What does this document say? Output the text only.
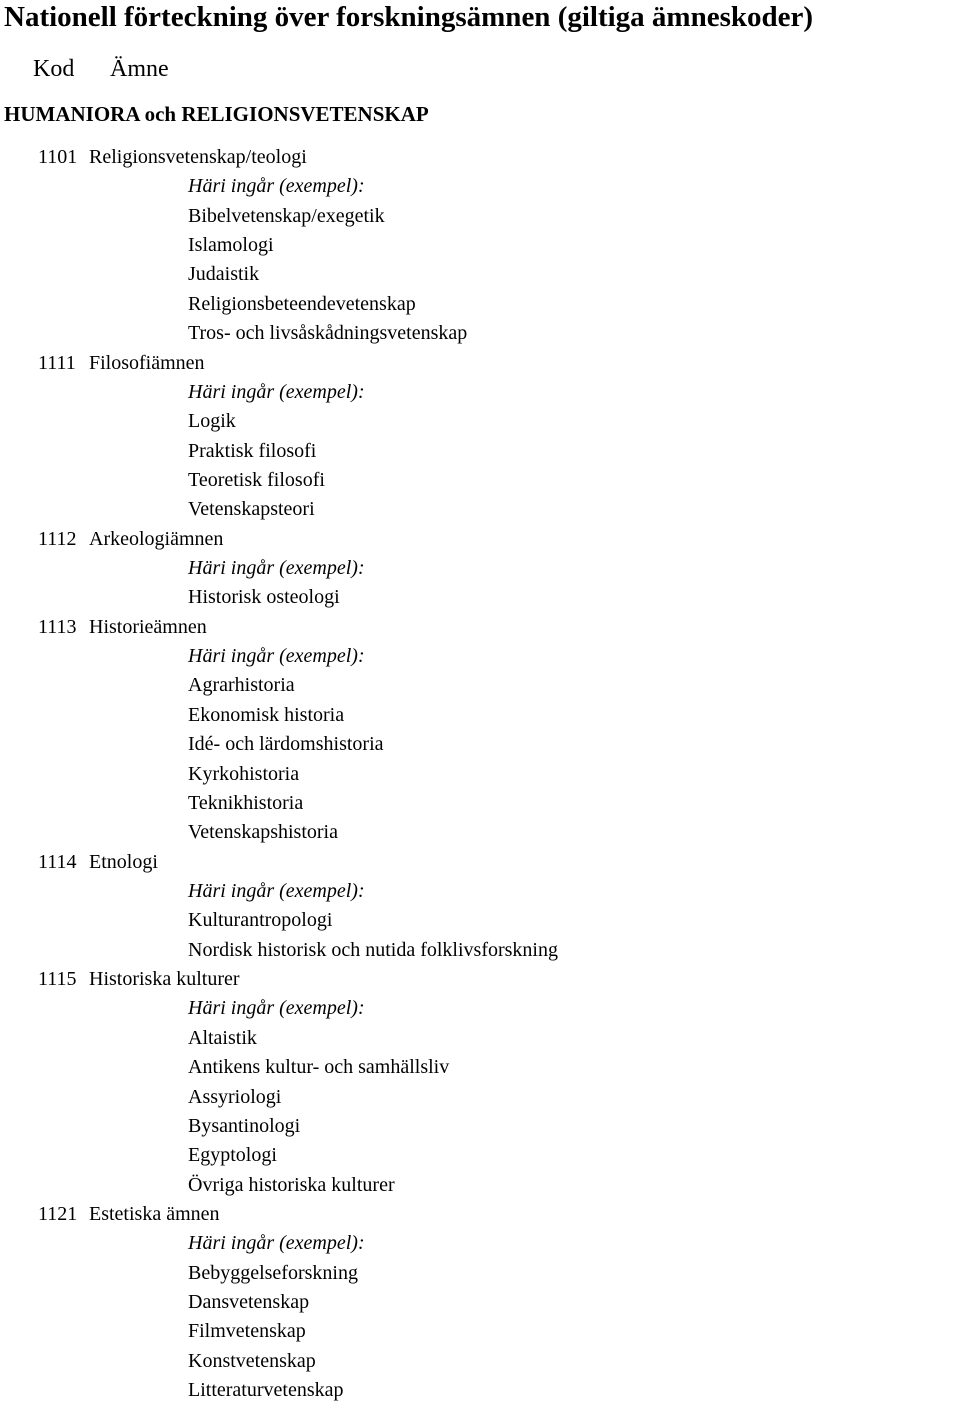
Nationell förteckning över forskningsämnen (giltiga ämneskoder)
Kod Ämne
HUMANIORA och RELIGIONSVETENSKAP
1101 Religionsvetenskap/teologi
Häri ingår (exempel):
Bibelvetenskap/exegetik
Islamologi
Judaistik
Religionsbeteendevetenskap
Tros- och livsåskådningsvetenskap
1111 Filosofiämnen
Häri ingår (exempel):
Logik
Praktisk filosofi
Teoretisk filosofi
Vetenskapsteori
1112 Arkeologiämnen
Häri ingår (exempel):
Historisk osteologi
1113 Historieämnen
Häri ingår (exempel):
Agrarhistoria
Ekonomisk historia
Idé- och lärdomshistoria
Kyrkohistoria
Teknikhistoria
Vetenskapshistoria
1114 Etnologi
Häri ingår (exempel):
Kulturantropologi
Nordisk historisk och nutida folklivsforskning
1115 Historiska kulturer
Häri ingår (exempel):
Altaistik
Antikens kultur- och samhällsliv
Assyriologi
Bysantinologi
Egyptologi
Övriga historiska kulturer
1121 Estetiska ämnen
Häri ingår (exempel):
Bebyggelseforskning
Dansvetenskap
Filmvetenskap
Konstvetenskap
Litteraturvetenskap
